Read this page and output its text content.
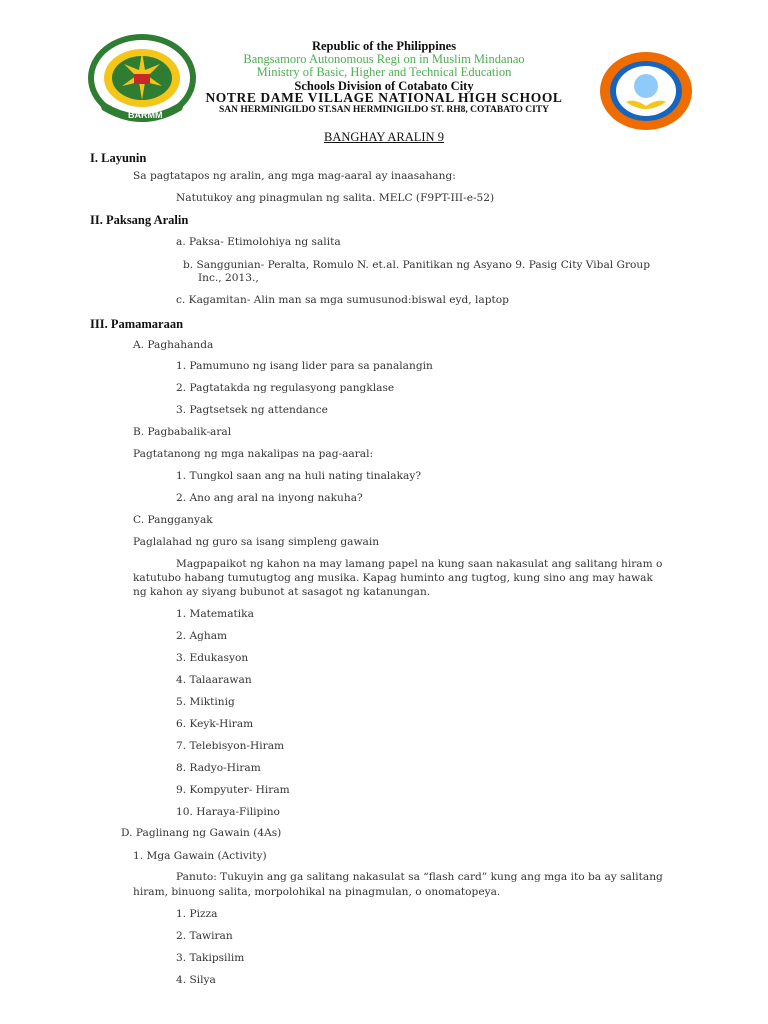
BARMM
Republic of the Philippines
Bangsamoro Autonomous Regi on in Muslim Mindanao
Ministry of Basic, Higher and Technical Education
Schools Division of Cotabato City
NOTRE DAME VILLAGE NATIONAL HIGH SCHOOL
SAN HERMINIGILDO ST.SAN HERMINIGILDO ST. RH8, COTABATO CITY
BANGHAY ARALIN 9
I. Layunin
Sa pagtatapos ng aralin, ang mga mag-aaral ay inaasahang:
Natutukoy ang pinagmulan ng salita. MELC (F9PT-III-e-52)
II. Paksang Aralin
a. Paksa- Etimolohiya ng salita
b. Sanggunian- Peralta, Romulo N. et.al. Panitikan ng Asyano 9. Pasig City Vibal Group
Inc., 2013.,
c. Kagamitan- Alin man sa mga sumusunod:biswal eyd, laptop
III. Pamamaraan
A. Paghahanda
1. Pamumuno ng isang lider para sa panalangin
2. Pagtatakda ng regulasyong pangklase
3. Pagtsetsek ng attendance
B. Pagbabalik-aral
Pagtatanong ng mga nakalipas na pag-aaral:
1. Tungkol saan ang na huli nating tinalakay?
2. Ano ang aral na inyong nakuha?
C. Pangganyak
Paglalahad ng guro sa isang simpleng gawain
Magpapaikot ng kahon na may lamang papel na kung saan nakasulat ang salitang hiram o
katutubo habang tumutugtog ang musika. Kapag huminto ang tugtog, kung sino ang may hawak
ng kahon ay siyang bubunot at sasagot ng katanungan.
1. Matematika
2. Agham
3. Edukasyon
4. Talaarawan
5. Miktinig
6. Keyk-Hiram
7. Telebisyon-Hiram
8. Radyo-Hiram
9. Kompyuter- Hiram
10. Haraya-Filipino
D. Paglinang ng Gawain (4As)
1. Mga Gawain (Activity)
Panuto: Tukuyin ang ga salitang nakasulat sa “flash card” kung ang mga ito ba ay salitang
hiram, binuong salita, morpolohikal na pinagmulan, o onomatopeya.
1. Pizza
2. Tawiran
3. Takipsilim
4. Silya
